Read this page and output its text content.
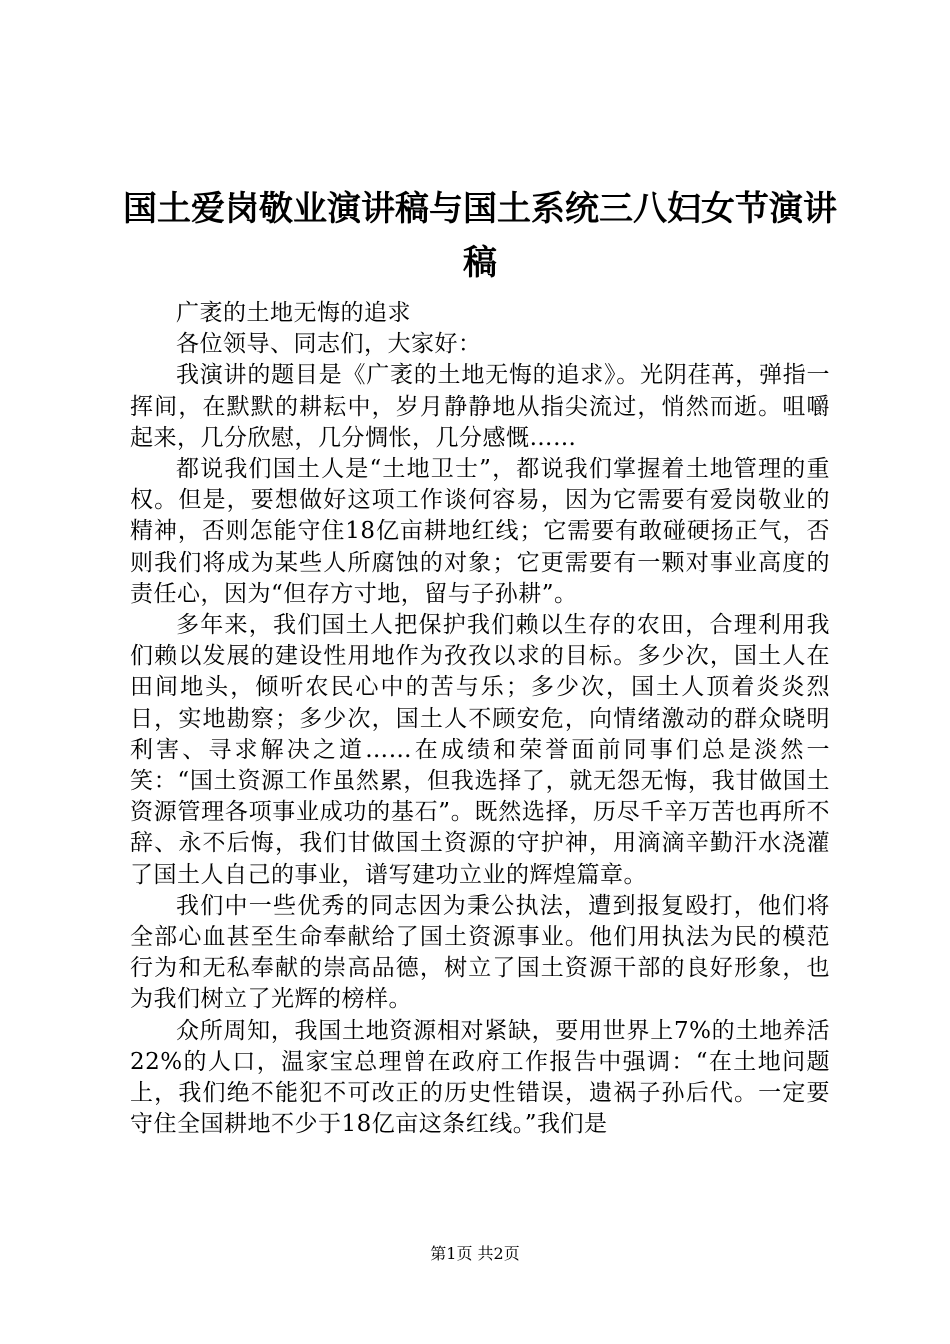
国土爱岗敬业演讲稿与国土系统三八妇女节演讲稿

广袤的土地无悔的追求

各位领导、同志们，大家好：

我演讲的题目是《广袤的土地无悔的追求》。光阴荏苒，弹指一挥间，在默默的耕耘中，岁月静静地从指尖流过，悄然而逝。咀嚼起来，几分欣慰，几分惆怅，几分感慨……

都说我们国土人是“土地卫士”，都说我们掌握着土地管理的重权。但是，要想做好这项工作谈何容易，因为它需要有爱岗敬业的精神，否则怎能守住18亿亩耕地红线；它需要有敢碰硬扬正气，否则我们将成为某些人所腐蚀的对象；它更需要有一颗对事业高度的责任心，因为“但存方寸地，留与子孙耕”。

多年来，我们国土人把保护我们赖以生存的农田，合理利用我们赖以发展的建设性用地作为孜孜以求的目标。多少次，国土人在田间地头，倾听农民心中的苦与乐；多少次，国土人顶着炎炎烈日，实地勘察；多少次，国土人不顾安危，向情绪激动的群众晓明利害、寻求解决之道……在成绩和荣誉面前同事们总是淡然一笑：“国土资源工作虽然累，但我选择了，就无怨无悔，我甘做国土资源管理各项事业成功的基石”。既然选择，历尽千辛万苦也再所不辞、永不后悔，我们甘做国土资源的守护神，用滴滴辛勤汗水浇灌了国土人自己的事业，谱写建功立业的辉煌篇章。

我们中一些优秀的同志因为秉公执法，遭到报复殴打，他们将全部心血甚至生命奉献给了国土资源事业。他们用执法为民的模范行为和无私奉献的崇高品德，树立了国土资源干部的良好形象，也为我们树立了光辉的榜样。

众所周知，我国土地资源相对紧缺，要用世界上7%的土地养活22%的人口，温家宝总理曾在政府工作报告中强调：“在土地问题上，我们绝不能犯不可改正的历史性错误，遗祸子孙后代。一定要守住全国耕地不少于18亿亩这条红线。”我们是

第1页 共2页
